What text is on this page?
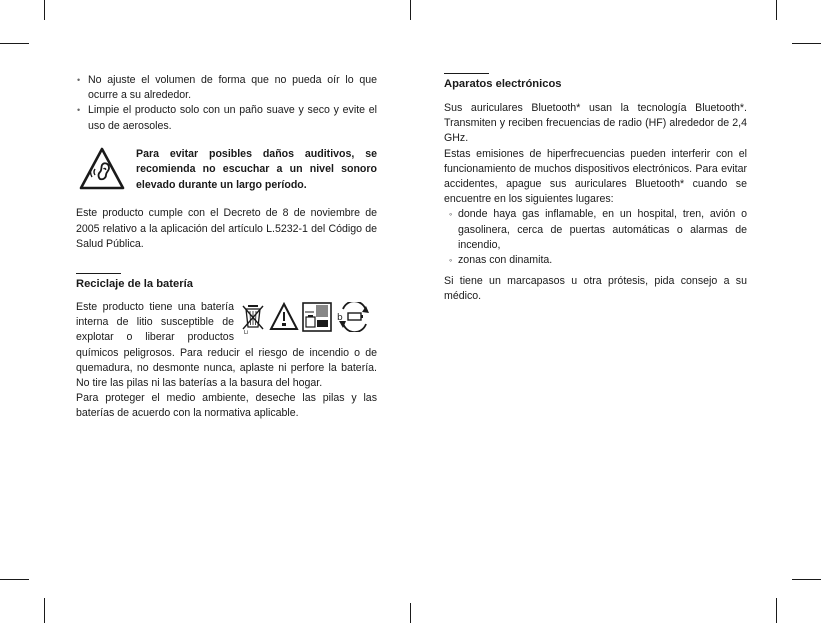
• No ajuste el volumen de forma que no pueda oír lo que ocurre a su alrededor.
• Limpie el producto solo con un paño suave y seco y evite el uso de aerosoles.
Para evitar posibles daños auditivos, se recomienda no escuchar a un nivel sonoro elevado durante un largo período.

Este producto cumple con el Decreto de 8 de noviembre de 2005 relativo a la aplicación del artículo L.5232-1 del Código de Salud Pública.

Reciclaje de la batería
Li
b

Este producto tiene una batería interna de litio susceptible de explotar o liberar productos químicos peligrosos. Para reducir el riesgo de incendio o de quemadura, no desmonte nunca, aplaste ni perfore la batería. No tire las pilas ni las baterías a la basura del hogar.

Para proteger el medio ambiente, deseche las pilas y las baterías de acuerdo con la normativa aplicable.

Aparatos electrónicos

Sus auriculares Bluetooth* usan la tecnología Bluetooth*. Transmiten y reciben frecuencias de radio (HF) alrededor de 2,4 GHz.

Estas emisiones de hiperfrecuencias pueden interferir con el funcionamiento de muchos dispositivos electrónicos. Para evitar accidentes, apague sus auriculares Bluetooth* cuando se encuentre en los siguientes lugares:

◦ donde haya gas inflamable, en un hospital, tren, avión o gasolinera, cerca de puertas automáticas o alarmas de incendio,
◦ zonas con dinamita.

Si tiene un marcapasos u otra prótesis, pida consejo a su médico.
